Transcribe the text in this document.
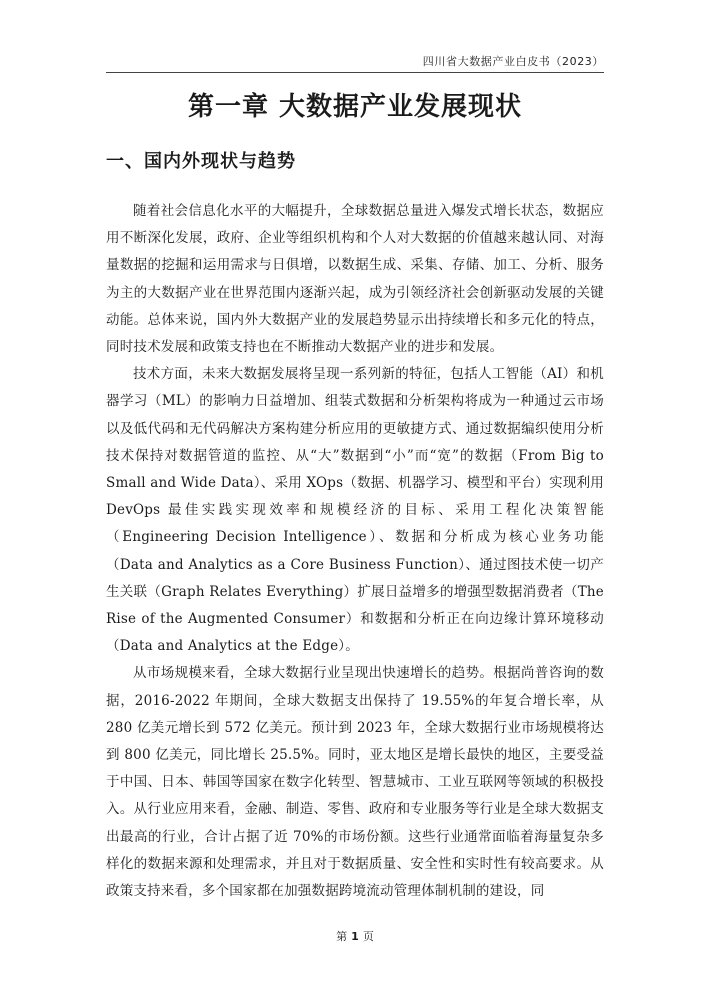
四川省大数据产业白皮书（2023）
第一章 大数据产业发展现状
一、国内外现状与趋势

随着社会信息化水平的大幅提升，全球数据总量进入爆发式增长状态，数据应用不断深化发展，政府、企业等组织机构和个人对大数据的价值越来越认同、对海量数据的挖掘和运用需求与日俱增，以数据生成、采集、存储、加工、分析、服务为主的大数据产业在世界范围内逐渐兴起，成为引领经济社会创新驱动发展的关键动能。总体来说，国内外大数据产业的发展趋势显示出持续增长和多元化的特点，同时技术发展和政策支持也在不断推动大数据产业的进步和发展。

技术方面，未来大数据发展将呈现一系列新的特征，包括人工智能（AI）和机器学习（ML）的影响力日益增加、组装式数据和分析架构将成为一种通过云市场以及低代码和无代码解决方案构建分析应用的更敏捷方式、通过数据编织使用分析技术保持对数据管道的监控、从“大”数据到“小”而“宽”的数据（From Big to Small and Wide Data）、采用 XOps（数据、机器学习、模型和平台）实现利用 DevOps 最佳实践实现效率和规模经济的目标、采用工程化决策智能（Engineering Decision Intelligence）、数据和分析成为核心业务功能（Data and Analytics as a Core Business Function）、通过图技术使一切产生关联（Graph Relates Everything）扩展日益增多的增强型数据消费者（The Rise of the Augmented Consumer）和数据和分析正在向边缘计算环境移动（Data and Analytics at the Edge）。

从市场规模来看，全球大数据行业呈现出快速增长的趋势。根据尚普咨询的数据，2016-2022 年期间，全球大数据支出保持了 19.55%的年复合增长率，从 280 亿美元增长到 572 亿美元。预计到 2023 年，全球大数据行业市场规模将达到 800 亿美元，同比增长 25.5%。同时，亚太地区是增长最快的地区，主要受益于中国、日本、韩国等国家在数字化转型、智慧城市、工业互联网等领域的积极投入。从行业应用来看，金融、制造、零售、政府和专业服务等行业是全球大数据支出最高的行业，合计占据了近 70%的市场份额。这些行业通常面临着海量复杂多样化的数据来源和处理需求，并且对于数据质量、安全性和实时性有较高要求。从政策支持来看，多个国家都在加强数据跨境流动管理体制机制的建设，同

第 1 页
